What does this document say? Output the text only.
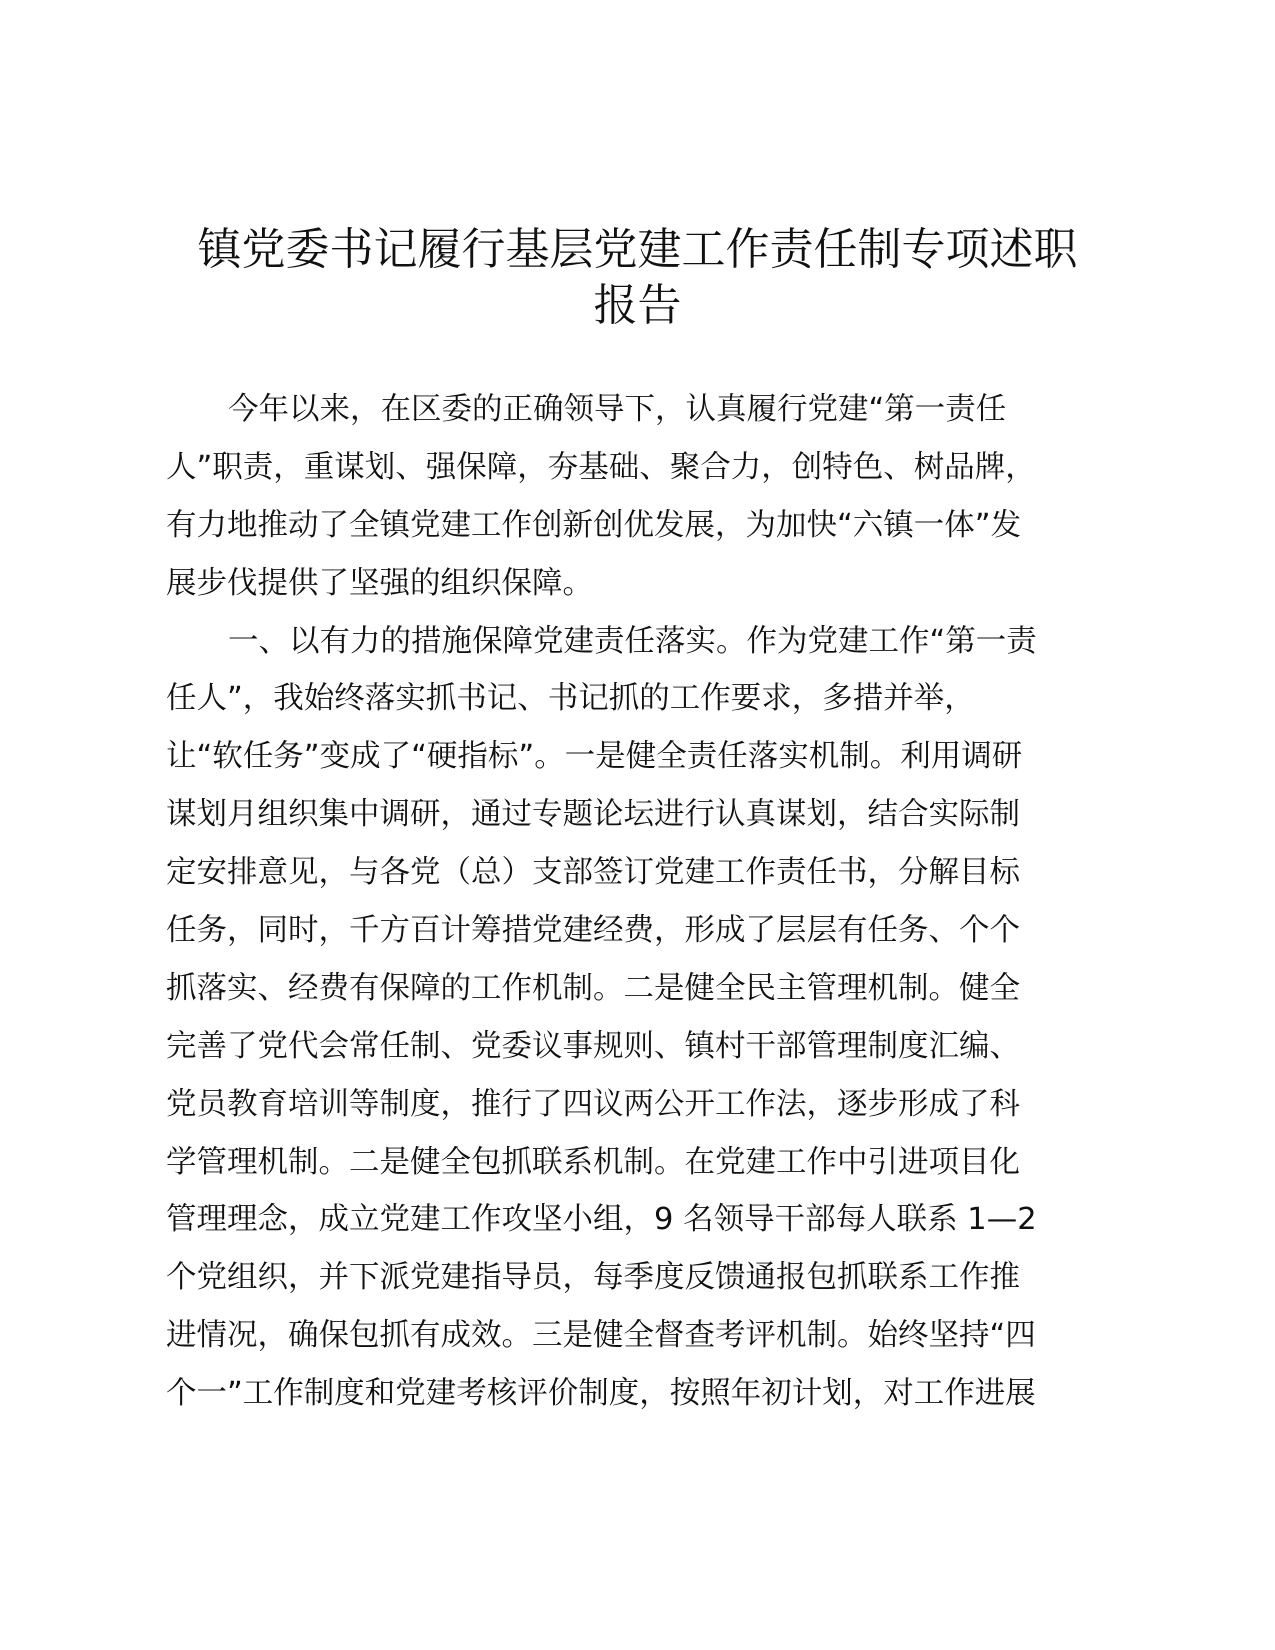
镇党委书记履行基层党建工作责任制专项述职
报告
今年以来，在区委的正确领导下，认真履行党建“第一责任
人”职责，重谋划、强保障，夯基础、聚合力，创特色、树品牌，
有力地推动了全镇党建工作创新创优发展，为加快“六镇一体”发
展步伐提供了坚强的组织保障。
一、以有力的措施保障党建责任落实。作为党建工作“第一责
任人”，我始终落实抓书记、书记抓的工作要求，多措并举，
让“软任务”变成了“硬指标”。一是健全责任落实机制。利用调研
谋划月组织集中调研，通过专题论坛进行认真谋划，结合实际制
定安排意见，与各党（总）支部签订党建工作责任书，分解目标
任务，同时，千方百计筹措党建经费，形成了层层有任务、个个
抓落实、经费有保障的工作机制。二是健全民主管理机制。健全
完善了党代会常任制、党委议事规则、镇村干部管理制度汇编、
党员教育培训等制度，推行了四议两公开工作法，逐步形成了科
学管理机制。二是健全包抓联系机制。在党建工作中引进项目化
管理理念，成立党建工作攻坚小组，9 名领导干部每人联系 1—2
个党组织，并下派党建指导员，每季度反馈通报包抓联系工作推
进情况，确保包抓有成效。三是健全督查考评机制。始终坚持“四
个一”工作制度和党建考核评价制度，按照年初计划，对工作进展
